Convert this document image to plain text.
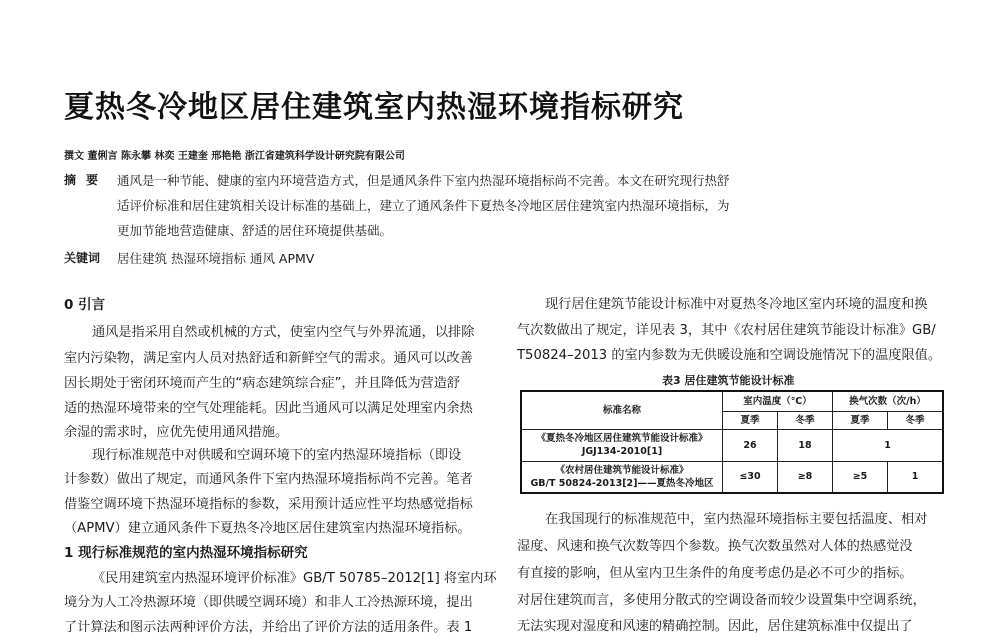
夏热冬冷地区居住建筑室内热湿环境指标研究
撰文 董俐言 陈永攀 林奕 王建奎 邢艳艳 浙江省建筑科学设计研究院有限公司
摘要 通风是一种节能、健康的室内环境营造方式，但是通风条件下室内热湿环境指标尚不完善。本文在研究现行热舒
适评价标准和居住建筑相关设计标准的基础上，建立了通风条件下夏热冬冷地区居住建筑室内热湿环境指标，为
更加节能地营造健康、舒适的居住环境提供基础。
关键词 居住建筑 热湿环境指标 通风 APMV
0 引言
通风是指采用自然或机械的方式，使室内空气与外界流通，以排除
室内污染物，满足室内人员对热舒适和新鲜空气的需求。通风可以改善
因长期处于密闭环境而产生的“病态建筑综合症”，并且降低为营造舒
适的热湿环境带来的空气处理能耗。因此当通风可以满足处理室内余热
余湿的需求时，应优先使用通风措施。
现行标准规范中对供暖和空调环境下的室内热湿环境指标（即设
计参数）做出了规定，而通风条件下室内热湿环境指标尚不完善。笔者
借鉴空调环境下热湿环境指标的参数，采用预计适应性平均热感觉指标
（APMV）建立通风条件下夏热冬冷地区居住建筑室内热湿环境指标。
1 现行标准规范的室内热湿环境指标研究
《民用建筑室内热湿环境评价标准》GB/T 50785–2012[1] 将室内环
境分为人工冷热源环境（即供暖空调环境）和非人工冷热源环境，提出
了计算法和图示法两种评价方法，并给出了评价方法的适用条件。表 1
现行居住建筑节能设计标准中对夏热冬冷地区室内环境的温度和换
气次数做出了规定，详见表 3，其中《农村居住建筑节能设计标准》GB/
T50824–2013 的室内参数为无供暖设施和空调设施情况下的温度限值。
表3 居住建筑节能设计标准
标准名称	室内温度（℃）		换气次数（次/h）	
	夏季	冬季	夏季	冬季

《夏热冬冷地区居住建筑节能设计标准》
JGJ134-2010[1]	26	18	1	

《农村居住建筑节能设计标准》
GB/T 50824-2013[2]——夏热冬冷地区	≤30	≥8	≥5	1
在我国现行的标准规范中，室内热湿环境指标主要包括温度、相对
湿度、风速和换气次数等四个参数。换气次数虽然对人体的热感觉没
有直接的影响，但从室内卫生条件的角度考虑仍是必不可少的指标。
对居住建筑而言，多使用分散式的空调设备而较少设置集中空调系统，
无法实现对湿度和风速的精确控制。因此，居住建筑标准中仅提出了
